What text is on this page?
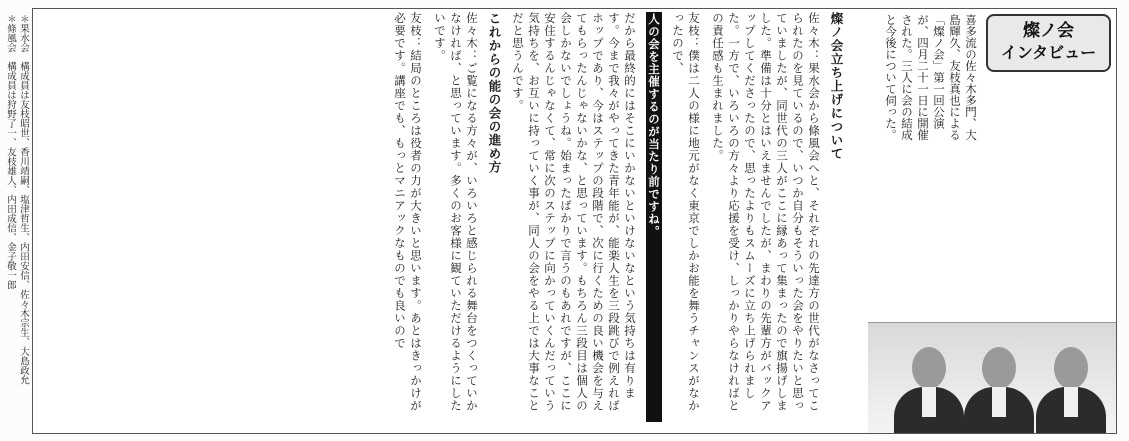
＊果水会　構成員は友枝昭世、香川靖嗣、塩津哲生、内田安信、佐々木宗生、大島政允
＊條風会　構成員は狩野了一、友枝雄人、内田成信、金子敬一郎	燦ノ会
インタビュー
喜多流の佐々木多門、大島輝久、友枝真也による「燦ノ会」第一回公演が、四月二十一日に開催された。三人に会の結成と今後について伺った。

燦ノ会立ち上げについて

佐々木：果水会から條風会へと、それぞれの先達方の世代がなさってこられたのを見ているので、いつか自分もそういった会をやりたいと思っていましたが、同世代の三人がここに縁あって集まったので旗揚げしました。準備は十分とはいえませんでしたが、まわりの先輩方がバックアップしてくださったので、思ったよりもスムーズに立ち上げられました。一方で、いろいろの方々より応援を受け、しっかりやらなければとの責任感も生まれました。

友枝：僕は二人の様に地元がなく東京でしかお能を舞うチャンスがなかったので、

人の会を主催するのが当たり前ですね。

だから最終的にはそこにいかないといけないなという気持ちは有ります。今まで我々がやってきた青年能が、能楽人生を三段跳びで例えればホップであり、今はステップの段階で、次に行くための良い機会を与えてもらったんじゃないかな、と思っています。もちろん三段目は個人の会しかないでしょうね。始まったばかりで言うのもあれですが、ここに安住するんじゃなくて、常に次のステップに向かっていくんだっていう気持ちを、お互いに持っていく事が、同人の会をやる上では大事なことだと思うんです。

これからの能の会の進め方

佐々木：ご覧になる方々が、いろいろと感じられる舞台をつくっていかなければ、と思っています。多くのお客様に観ていただけるようにしたいです。

友枝：結局のところは役者の力が大きいと思います。あとはきっかけが必要です。講座でも、もっとマニアックなものでも良いので
